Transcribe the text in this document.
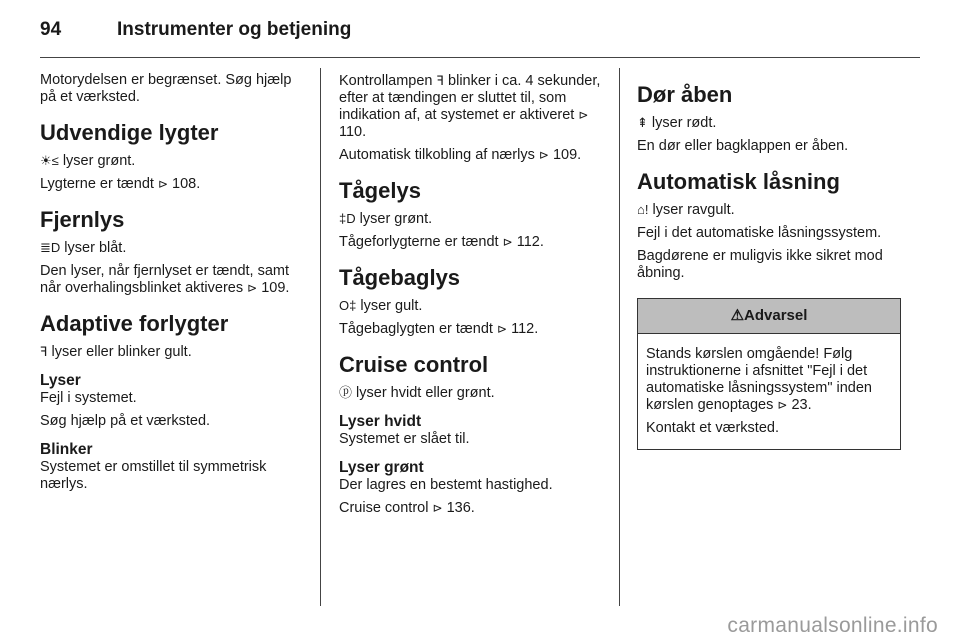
94	Instrumenter og betjening

Motorydelsen er begrænset. Søg hjælp på et værksted.

Udvendige lygter

☀≤ lyser grønt.

Lygterne er tændt ⊳ 108.

Fjernlys

≣D lyser blåt.

Den lyser, når fjernlyset er tændt, samt når overhalingsblinket aktiveres ⊳ 109.

Adaptive forlygter

ꟻ lyser eller blinker gult.

Lyser

Fejl i systemet.

Søg hjælp på et værksted.

Blinker

Systemet er omstillet til symmetrisk nærlys.

Kontrollampen ꟻ blinker i ca. 4 sekunder, efter at tændingen er sluttet til, som indikation af, at systemet er aktiveret ⊳ 110.

Automatisk tilkobling af nærlys ⊳ 109.

Tågelys

‡D lyser grønt.

Tågeforlygterne er tændt ⊳ 112.

Tågebaglys

O‡ lyser gult.

Tågebaglygten er tændt ⊳ 112.

Cruise control

ⓟ lyser hvidt eller grønt.

Lyser hvidt

Systemet er slået til.

Lyser grønt

Der lagres en bestemt hastighed.

Cruise control ⊳ 136.

Dør åben

⇞ lyser rødt.

En dør eller bagklappen er åben.

Automatisk låsning

⌂! lyser ravgult.

Fejl i det automatiske låsningssystem.

Bagdørene er muligvis ikke sikret mod åbning.

⚠Advarsel

Stands kørslen omgående! Følg instruktionerne i afsnittet "Fejl i det automatiske låsningssystem" inden kørslen genoptages ⊳ 23.

Kontakt et værksted.

carmanualsonline.info
